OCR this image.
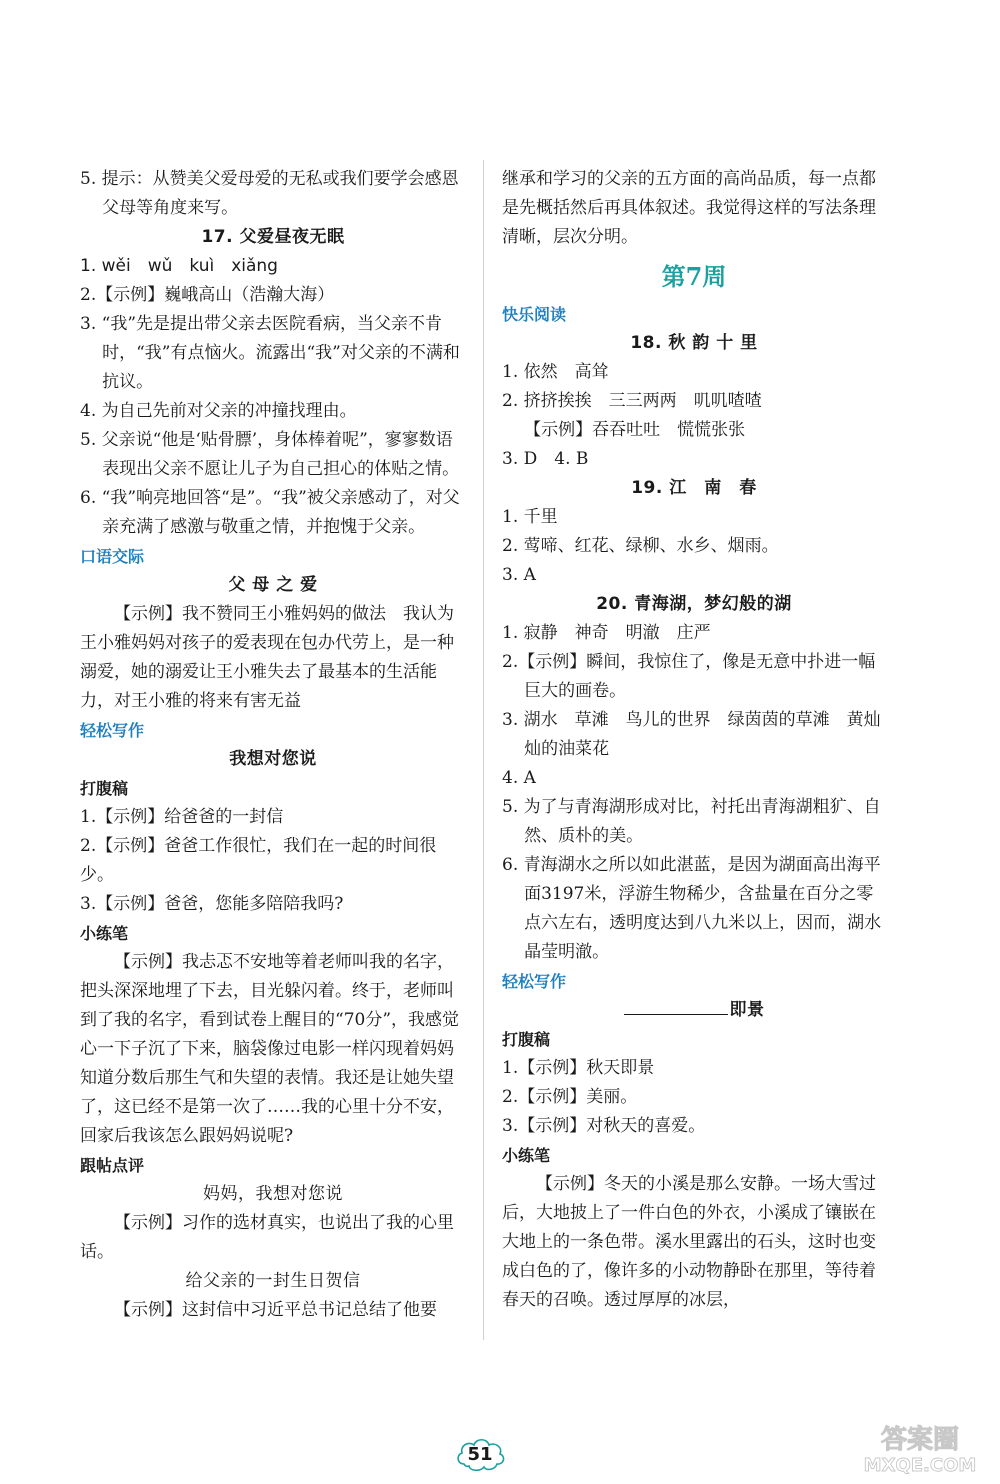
5. 提示：从赞美父爱母爱的无私或我们要学会感恩父母等角度来写。

17. 父爱昼夜无眠

1. wěi　wǔ　kuì　xiǎng

2.【示例】巍峨高山（浩瀚大海）

3. “我”先是提出带父亲去医院看病，当父亲不肯时，“我”有点恼火。流露出“我”对父亲的不满和抗议。

4. 为自己先前对父亲的冲撞找理由。

5. 父亲说“他是‘贴骨膘’，身体棒着呢”，寥寥数语表现出父亲不愿让儿子为自己担心的体贴之情。

6. “我”响亮地回答“是”。“我”被父亲感动了，对父亲充满了感激与敬重之情，并抱愧于父亲。

口语交际

父 母 之 爱

【示例】我不赞同王小雅妈妈的做法　我认为王小雅妈妈对孩子的爱表现在包办代劳上，是一种溺爱，她的溺爱让王小雅失去了最基本的生活能力，对王小雅的将来有害无益

轻松写作

我想对您说

打腹稿

1.【示例】给爸爸的一封信

2.【示例】爸爸工作很忙，我们在一起的时间很少。

3.【示例】爸爸，您能多陪陪我吗?

小练笔

【示例】我忐忑不安地等着老师叫我的名字，把头深深地埋了下去，目光躲闪着。终于，老师叫到了我的名字，看到试卷上醒目的“70分”，我感觉心一下子沉了下来，脑袋像过电影一样闪现着妈妈知道分数后那生气和失望的表情。我还是让她失望了，这已经不是第一次了……我的心里十分不安，回家后我该怎么跟妈妈说呢?

跟帖点评

妈妈，我想对您说

【示例】习作的选材真实，也说出了我的心里话。

给父亲的一封生日贺信

【示例】这封信中习近平总书记总结了他要

继承和学习的父亲的五方面的高尚品质，每一点都是先概括然后再具体叙述。我觉得这样的写法条理清晰，层次分明。

第7周

快乐阅读

18. 秋 韵 十 里

1. 依然　高耸

2. 挤挤挨挨　三三两两　叽叽喳喳

【示例】吞吞吐吐　慌慌张张

3. D　4. B

19. 江　南　春

1. 千里

2. 莺啼、红花、绿柳、水乡、烟雨。

3. A

20. 青海湖，梦幻般的湖

1. 寂静　神奇　明澈　庄严

2.【示例】瞬间，我惊住了，像是无意中扑进一幅巨大的画卷。

3. 湖水　草滩　鸟儿的世界　绿茵茵的草滩　黄灿灿的油菜花

4. A

5. 为了与青海湖形成对比，衬托出青海湖粗犷、自然、质朴的美。

6. 青海湖水之所以如此湛蓝，是因为湖面高出海平面3197米，浮游生物稀少，含盐量在百分之零点六左右，透明度达到八九米以上，因而，湖水晶莹明澈。

轻松写作

即景

打腹稿

1.【示例】秋天即景

2.【示例】美丽。

3.【示例】对秋天的喜爱。

小练笔

【示例】冬天的小溪是那么安静。一场大雪过后，大地披上了一件白色的外衣，小溪成了镶嵌在大地上的一条色带。溪水里露出的石头，这时也变成白色的了，像许多的小动物静卧在那里，等待着春天的召唤。透过厚厚的冰层，

51	答案圈
MXQE.COM
